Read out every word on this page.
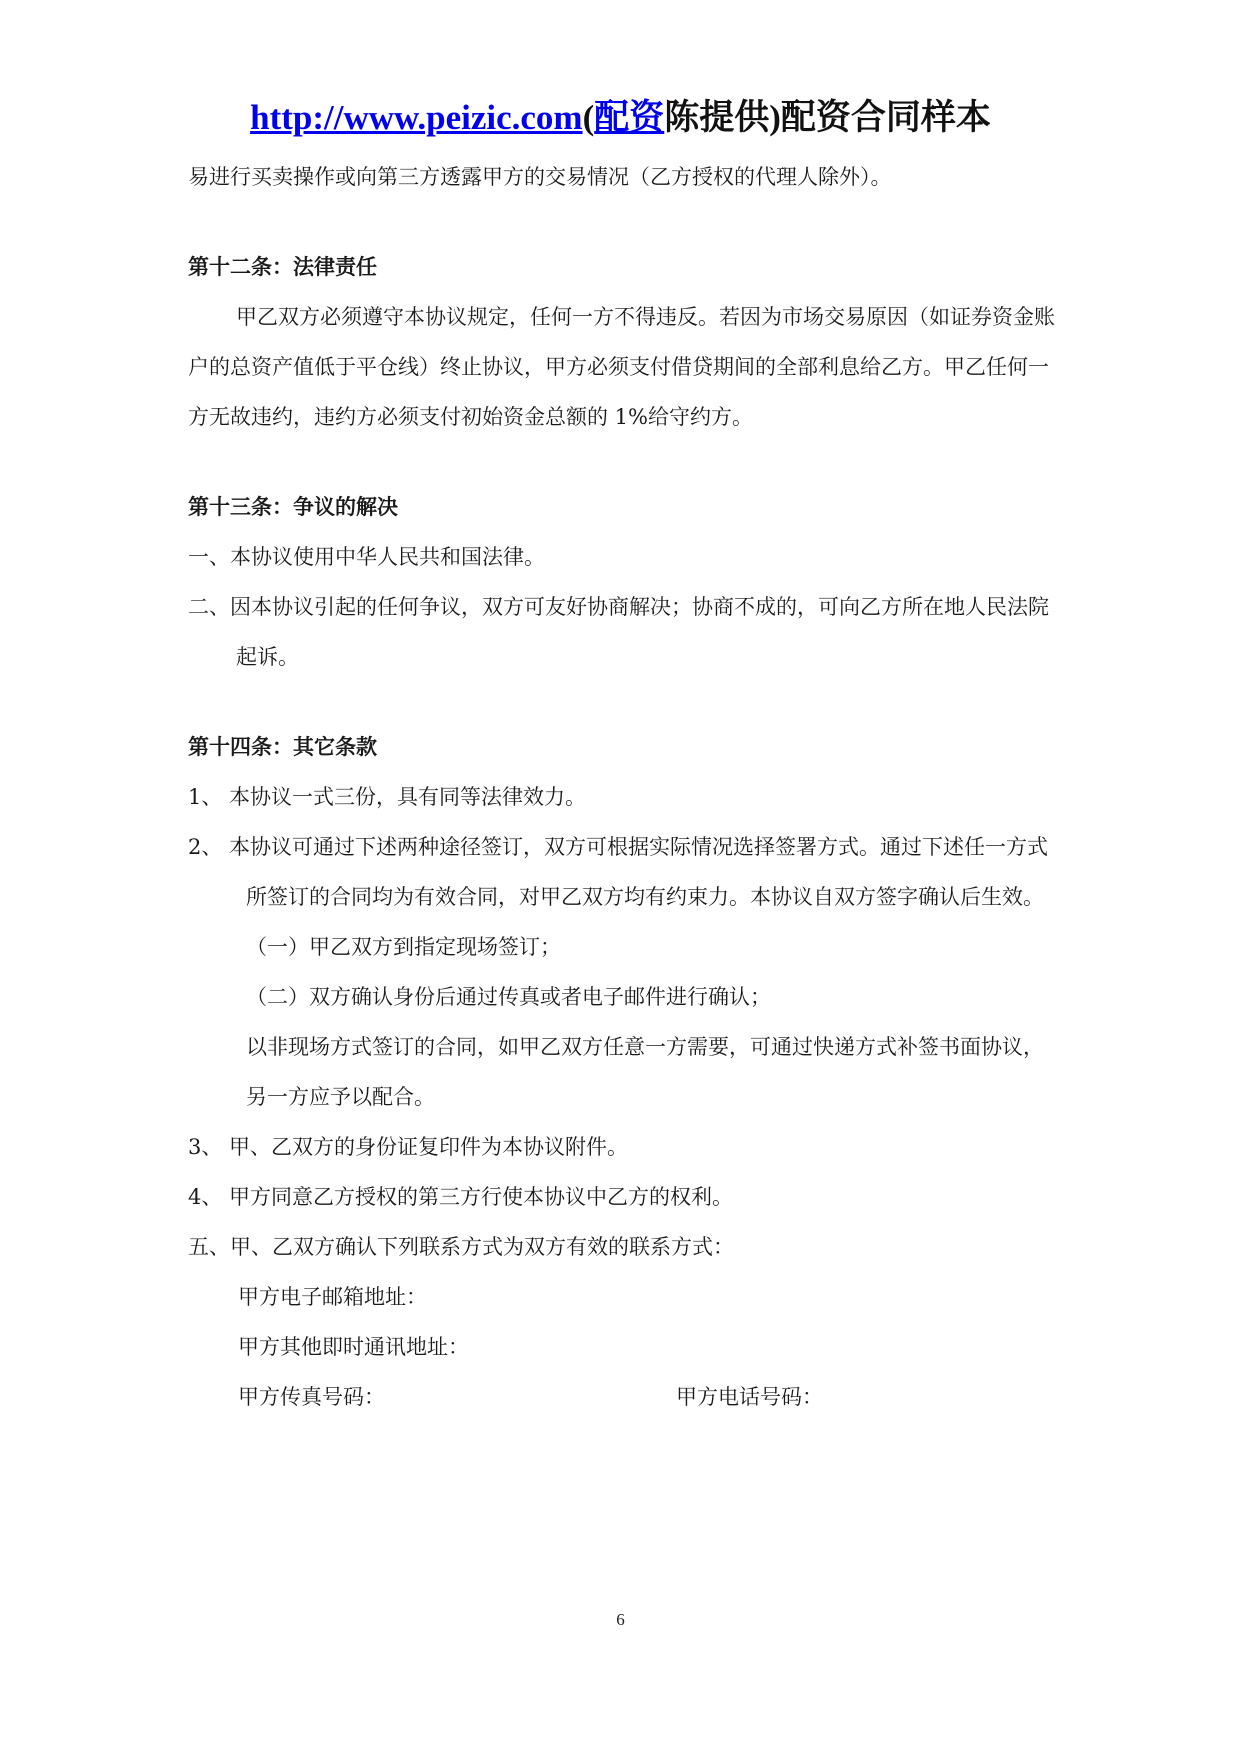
http://www.peizic.com(配资陈提供)配资合同样本

易进行买卖操作或向第三方透露甲方的交易情况（乙方授权的代理人除外）。

第十二条：法律责任

甲乙双方必须遵守本协议规定，任何一方不得违反。若因为市场交易原因（如证券资金账户的总资产值低于平仓线）终止协议，甲方必须支付借贷期间的全部利息给乙方。甲乙任何一方无故违约，违约方必须支付初始资金总额的 1%给守约方。

第十三条：争议的解决

一、本协议使用中华人民共和国法律。

二、因本协议引起的任何争议，双方可友好协商解决；协商不成的，可向乙方所在地人民法院起诉。

第十四条：其它条款

1、 本协议一式三份，具有同等法律效力。

2、 本协议可通过下述两种途径签订，双方可根据实际情况选择签署方式。通过下述任一方式所签订的合同均为有效合同，对甲乙双方均有约束力。本协议自双方签字确认后生效。

（一）甲乙双方到指定现场签订；

（二）双方确认身份后通过传真或者电子邮件进行确认；

以非现场方式签订的合同，如甲乙双方任意一方需要，可通过快递方式补签书面协议，另一方应予以配合。

3、 甲、乙双方的身份证复印件为本协议附件。

4、 甲方同意乙方授权的第三方行使本协议中乙方的权利。

五、甲、乙双方确认下列联系方式为双方有效的联系方式：

甲方电子邮箱地址：

甲方其他即时通讯地址：

甲方传真号码：	甲方电话号码：
6
